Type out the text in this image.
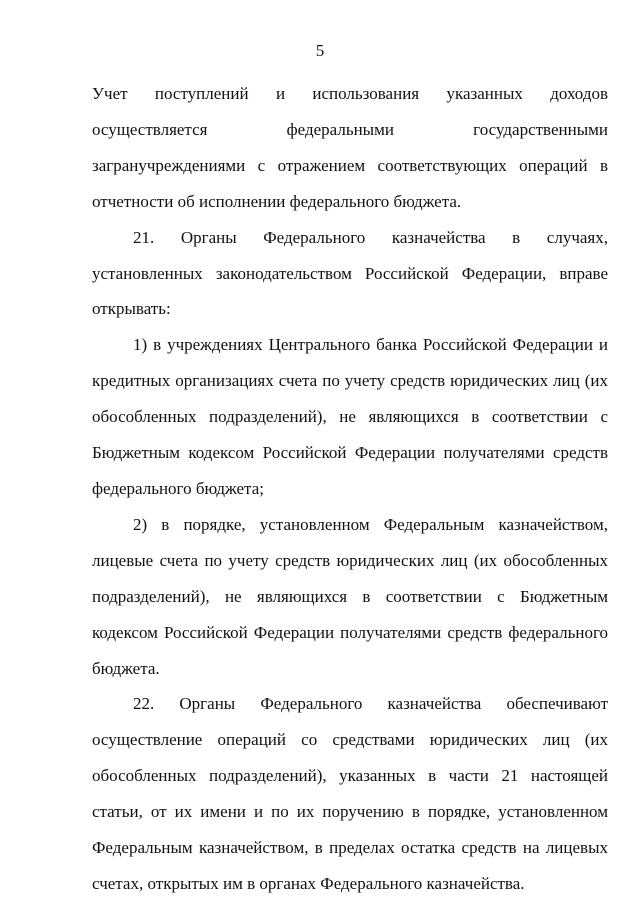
5

Учет поступлений и использования указанных доходов осуществляется федеральными государственными загранучреждениями с отражением соответствующих операций в отчетности об исполнении федерального бюджета.

21. Органы Федерального казначейства в случаях, установленных законодательством Российской Федерации, вправе открывать:

1) в учреждениях Центрального банка Российской Федерации и кредитных организациях счета по учету средств юридических лиц (их обособленных подразделений), не являющихся в соответствии с Бюджетным кодексом Российской Федерации получателями средств федерального бюджета;

2) в порядке, установленном Федеральным казначейством, лицевые счета по учету средств юридических лиц (их обособленных подразделений), не являющихся в соответствии с Бюджетным кодексом Российской Федерации получателями средств федерального бюджета.

22. Органы Федерального казначейства обеспечивают осуществление операций со средствами юридических лиц (их обособленных подразделений), указанных в части 21 настоящей статьи, от их имени и по их поручению в порядке, установленном Федеральным казначейством, в пределах остатка средств на лицевых счетах, открытых им в органах Федерального казначейства.
